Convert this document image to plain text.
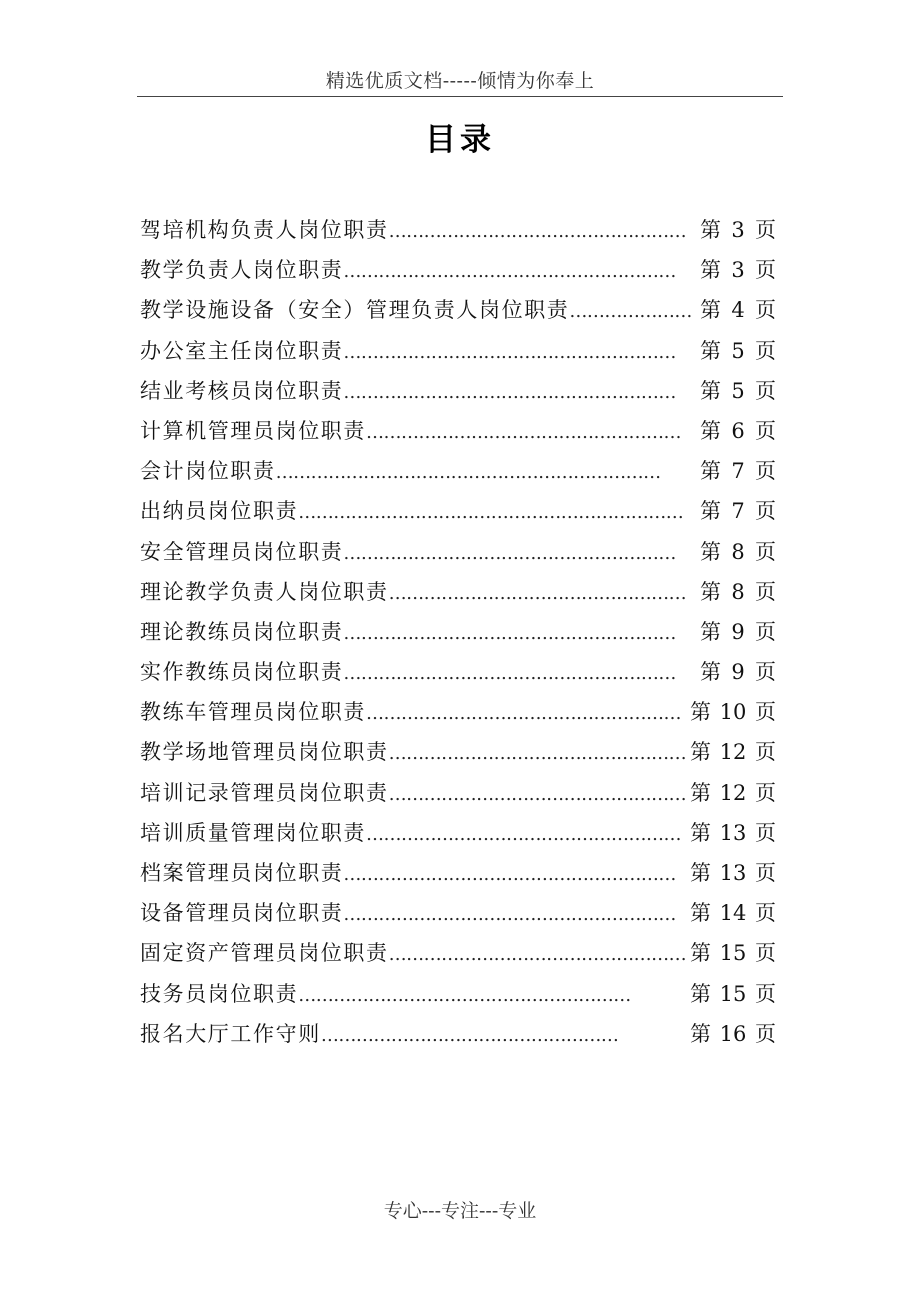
精选优质文档-----倾情为你奉上
目录
驾培机构负责人岗位职责…………………………………………… 第 3 页
教学负责人岗位职责………………………………………………… 第 3 页
教学设施设备（安全）管理负责人岗位职责………………… 第 4 页
办公室主任岗位职责………………………………………………… 第 5 页
结业考核员岗位职责………………………………………………… 第 5 页
计算机管理员岗位职责……………………………………………… 第 6 页
会计岗位职责………………………………………………………… 第 7 页
出纳员岗位职责………………………………………………………… 第 7 页
安全管理员岗位职责………………………………………………… 第 8 页
理论教学负责人岗位职责…………………………………………… 第 8 页
理论教练员岗位职责………………………………………………… 第 9 页
实作教练员岗位职责………………………………………………… 第 9 页
教练车管理员岗位职责……………………………………………… 第 10 页
教学场地管理员岗位职责…………………………………………… 第 12 页
培训记录管理员岗位职责…………………………………………… 第 12 页
培训质量管理岗位职责……………………………………………… 第 13 页
档案管理员岗位职责………………………………………………… 第 13 页
设备管理员岗位职责………………………………………………… 第 14 页
固定资产管理员岗位职责…………………………………………… 第 15 页
技务员岗位职责…………………………………………………	第 15 页
报名大厅工作守则……………………………………………	第 16 页
专心---专注---专业
